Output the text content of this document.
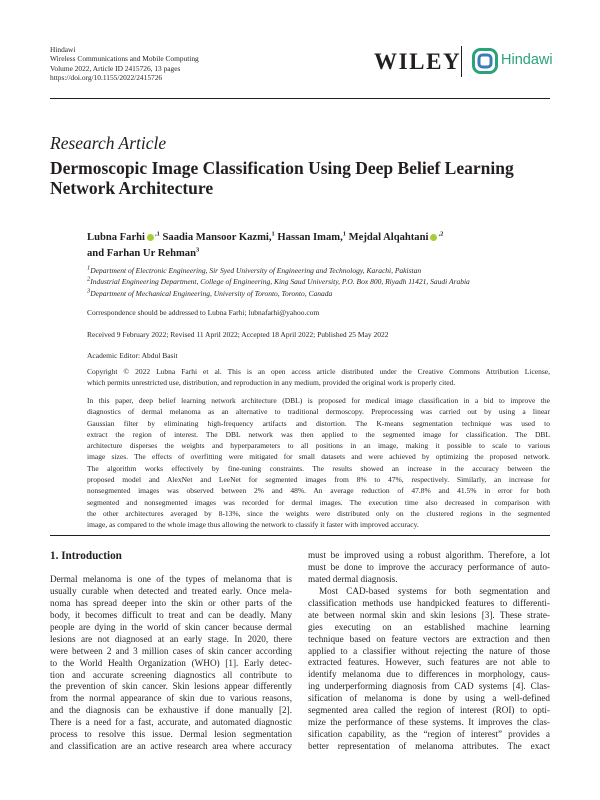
Hindawi
Wireless Communications and Mobile Computing
Volume 2022, Article ID 2415726, 13 pages
https://doi.org/10.1155/2022/2415726
WILEY	Hindawi
Research Article
Dermoscopic Image Classification Using Deep Belief Learning
Network Architecture
Lubna Farhi $^{,1}$ Saadia Mansoor Kazmi,$^1$ Hassan Imam,$^1$ Mejdal Alqahtani $^{,2}$
and Farhan Ur Rehman$^3$
$^1$Department of Electronic Engineering, Sir Syed University of Engineering and Technology, Karachi, Pakistan
$^2$Industrial Engineering Department, College of Engineering, King Saud University, P.O. Box 800, Riyadh 11421, Saudi Arabia
$^3$Department of Mechanical Engineering, University of Toronto, Toronto, Canada
Correspondence should be addressed to Lubna Farhi; lubnafarhi@yahoo.com
Received 9 February 2022; Revised 11 April 2022; Accepted 18 April 2022; Published 25 May 2022
Academic Editor: Abdul Basit

Copyright © 2022 Lubna Farhi et al. This is an open access article distributed under the Creative Commons Attribution License,

which permits unrestricted use, distribution, and reproduction in any medium, provided the original work is properly cited.

In this paper, deep belief learning network architecture (DBL) is proposed for medical image classification in a bid to improve the

diagnostics of dermal melanoma as an alternative to traditional dermoscopy. Preprocessing was carried out by using a linear

Gaussian filter by eliminating high-frequency artifacts and distortion. The K-means segmentation technique was used to

extract the region of interest. The DBL network was then applied to the segmented image for classification. The DBL

architecture disperses the weights and hyperparameters to all positions in an image, making it possible to scale to various

image sizes. The effects of overfitting were mitigated for small datasets and were achieved by optimizing the proposed network.

The algorithm works effectively by fine-tuning constraints. The results showed an increase in the accuracy between the

proposed model and AlexNet and LeeNet for segmented images from 8% to 47%, respectively. Similarly, an increase for

nonsegmented images was observed between 2% and 48%. An average reduction of 47.8% and 41.5% in error for both

segmented and nonsegmented images was recorded for dermal images. The execution time also decreased in comparison with

the other architectures averaged by 8-13%, since the weights were distributed only on the clustered regions in the segmented

image, as compared to the whole image thus allowing the network to classify it faster with improved accuracy.

1. Introduction

Dermal melanoma is one of the types of melanoma that is

usually curable when detected and treated early. Once mela-

noma has spread deeper into the skin or other parts of the

body, it becomes difficult to treat and can be deadly. Many

people are dying in the world of skin cancer because dermal

lesions are not diagnosed at an early stage. In 2020, there

were between 2 and 3 million cases of skin cancer according

to the World Health Organization (WHO) [1]. Early detec-

tion and accurate screening diagnostics all contribute to

the prevention of skin cancer. Skin lesions appear differently

from the normal appearance of skin due to various reasons,

and the diagnosis can be exhaustive if done manually [2].

There is a need for a fast, accurate, and automated diagnostic

process to resolve this issue. Dermal lesion segmentation

and classification are an active research area where accuracy

must be improved using a robust algorithm. Therefore, a lot

must be done to improve the accuracy performance of auto-

mated dermal diagnosis.

Most CAD-based systems for both segmentation and

classification methods use handpicked features to differenti-

ate between normal skin and skin lesions [3]. These strate-

gies executing on an established machine learning

technique based on feature vectors are extraction and then

applied to a classifier without rejecting the nature of those

extracted features. However, such features are not able to

identify melanoma due to differences in morphology, caus-

ing underperforming diagnosis from CAD systems [4]. Clas-

sification of melanoma is done by using a well-defined

segmented area called the region of interest (ROI) to opti-

mize the performance of these systems. It improves the clas-

sification capability, as the “region of interest” provides a

better representation of melanoma attributes. The exact
